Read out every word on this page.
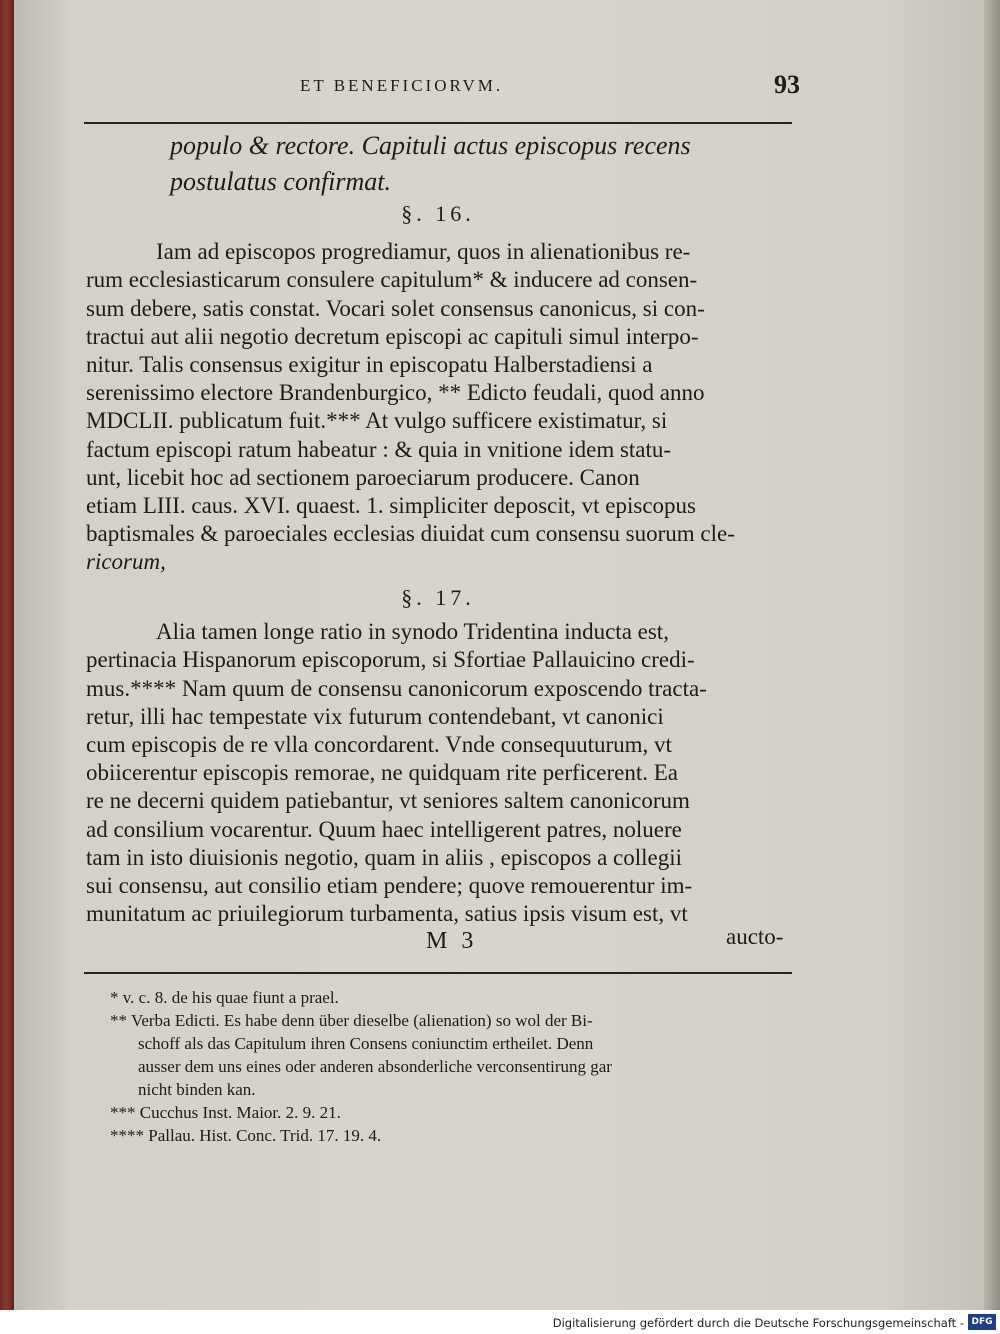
ET BENEFICIORVM.	93
populo & rectore. Capituli actus episcopus recens
postulatus confirmat.
§. 16.
Iam ad episcopos progrediamur, quos in alienationibus re-
rum ecclesiasticarum consulere capitulum* & inducere ad consen-
sum debere, satis constat. Vocari solet consensus canonicus, si con-
tractui aut alii negotio decretum episcopi ac capituli simul interpo-
nitur. Talis consensus exigitur in episcopatu Halberstadiensi a
serenissimo electore Brandenburgico, ** Edicto feudali, quod anno
MDCLII. publicatum fuit.*** At vulgo sufficere existimatur, si
factum episcopi ratum habeatur : & quia in vnitione idem statu-
unt, licebit hoc ad sectionem paroeciarum producere. Canon
etiam LIII. caus. XVI. quaest. 1. simpliciter deposcit, vt episcopus
baptismales & paroeciales ecclesias diuidat cum consensu suorum cle-
ricorum,
§. 17.
Alia tamen longe ratio in synodo Tridentina inducta est,
pertinacia Hispanorum episcoporum, si Sfortiae Pallauicino credi-
mus.**** Nam quum de consensu canonicorum exposcendo tracta-
retur, illi hac tempestate vix futurum contendebant, vt canonici
cum episcopis de re vlla concordarent. Vnde consequuturum, vt
obiicerentur episcopis remorae, ne quidquam rite perficerent. Ea
re ne decerni quidem patiebantur, vt seniores saltem canonicorum
ad consilium vocarentur. Quum haec intelligerent patres, noluere
tam in isto diuisionis negotio, quam in aliis , episcopos a collegii
sui consensu, aut consilio etiam pendere; quove remouerentur im-
munitatum ac priuilegiorum turbamenta, satius ipsis visum est, vt
M 3	aucto-

* v. c. 8. de his quae fiunt a prael.

** Verba Edicti. Es habe denn über dieselbe (alienation) so wol der Bi-

schoff als das Capitulum ihren Consens coniunctim ertheilet. Denn

ausser dem uns eines oder anderen absonderliche verconsentirung gar

nicht binden kan.

*** Cucchus Inst. Maior. 2. 9. 21.

**** Pallau. Hist. Conc. Trid. 17. 19. 4.

Digitalisierung gefördert durch die Deutsche Forschungsgemeinschaft - DFG
